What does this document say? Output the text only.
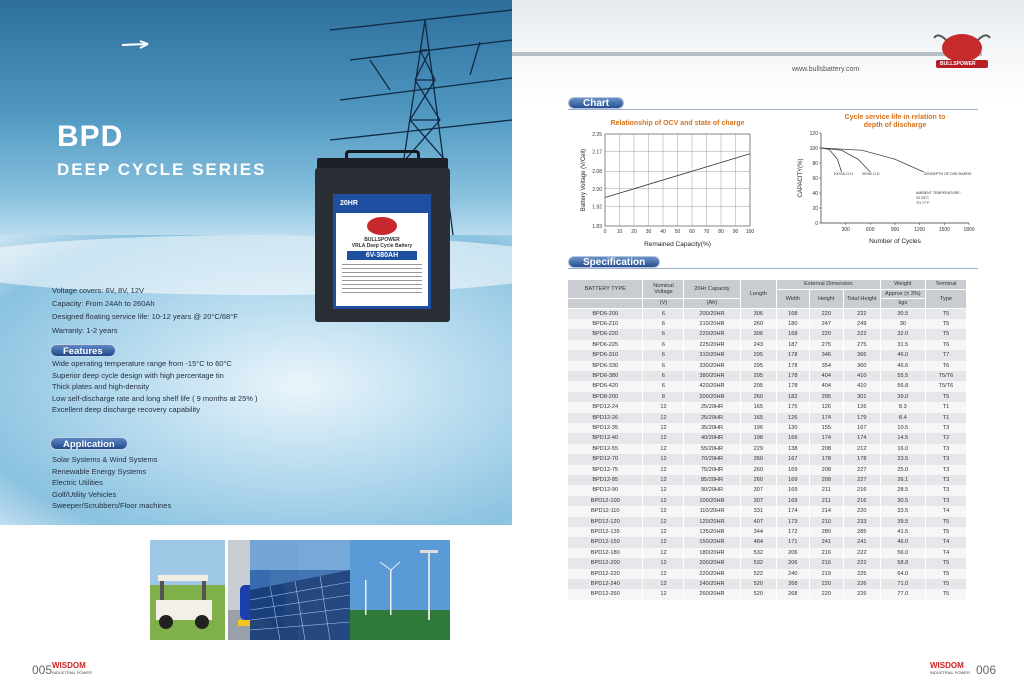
BPD
DEEP CYCLE SERIES
20HR
BULLSPOWER
VRLA Deep Cycle Battery
6V-380AH
Voltage covers: 6V, 8V, 12V
Capacity: From 24Ah to 260Ah
Designed floating service life: 10-12 years @ 20°C/68°F
Warranty: 1-2 years
Features
Wide operating temperature range from -15°C to 60°C
Superior deep cycle design with high percentage tin
Thick plates and high-density
Low self-discharge rate and long shelf life ( 9 months at 25% )
Excellent deep discharge recovery capability
Application
Solar Systems & Wind Systems
Renewable Energy Systems
Electric Utilities
Golf/Utility Vehicles
Sweeper/Scrubbers/Floor machines
005 WISDOM
INDUSTRIAL POWER
www.bullsbattery.com
BULLSPOWER
Chart
Specification
006
WISDOM
INDUSTRIAL POWER
Relationship of OCV and state of charge
0 10 20 30 40 50 60 70 80 90 100
2.25
2.17
2.08
2.00
1.92
1.83
Remained Capacity(%)
Battery Voltage (V/Cell)
Cycle service life in relation to
depth of discharge
120
100
80
60
40
20
0
300	600	900	1200	1500	1800
100%D.O.D	50%D.O.D	30%DEPTH OF DISCHARGE
AMBIENT TEMPERATURE:
20 25°C
TO 77°F
Number of Cycles
CAPACITY(%)
BATTERY TYPE	Nominal Voltage	20Hr Capacity	Length	External Dimension			Weight	Terminal
				Width	Height	Total Height	Approx (± 3%)	Type
	(V)	(Ah)					kgs	
BPD6-200	6	200/20HR	306	168	220	222	30.5	T5
BPD6-210	6	210/20HR	260	180	247	249	30	T5
BPD6-220	6	220/20HR	306	168	220	222	32.0	T5
BPD6-225	6	225/20HR	243	187	275	275	31.5	T6
BPD6-310	6	310/20HR	295	178	346	366	46.0	T7
BPD6-330	6	330/20HR	295	178	354	360	46.6	T6
BPD6-380	6	380/20HR	295	178	404	410	55.5	T5/T6
BPD6-420	6	420/20HR	295	178	404	410	56.8	T5/T6
BPD8-200	8	200/20HR	260	182	295	301	39.0	T5
BPD12-24	12	25/20HR	165	175	126	126	8.3	T1
BPD12-26	12	25/20HR	165	126	174	179	8.4	T1
BPD12-35	12	35/20HR	196	130	155	167	10.5	T3
BPD12-40	12	40/20HR	198	166	174	174	14.5	T2
BPD12-55	12	55/20HR	229	138	208	212	16.0	T3
BPD12-70	12	70/20HR	350	167	178	178	23.5	T3
BPD12-75	12	75/20HR	260	169	208	227	25.0	T3
BPD12-85	12	85/20HR	260	169	208	227	26.1	T3
BPD12-90	12	90/20HR	307	169	211	216	28.5	T3
BPD12-100	12	100/20HR	307	169	211	216	30.5	T3
BPD12-110	12	110/20HR	331	174	214	220	33.5	T4
BPD12-120	12	120/20HR	407	173	210	233	39.5	T5
BPD12-135	12	135/20HR	344	172	280	285	41.5	T5
BPD12-150	12	150/20HR	484	171	241	241	46.0	T4
BPD12-180	12	180/20HR	532	206	216	222	56.0	T4
BPD12-200	12	200/20HR	532	206	216	222	58.8	T5
BPD12-220	12	220/20HR	522	240	219	225	64.0	T5
BPD12-240	12	240/20HR	520	268	220	226	71.0	T5
BPD12-260	12	260/20HR	520	268	220	226	77.0	T5
